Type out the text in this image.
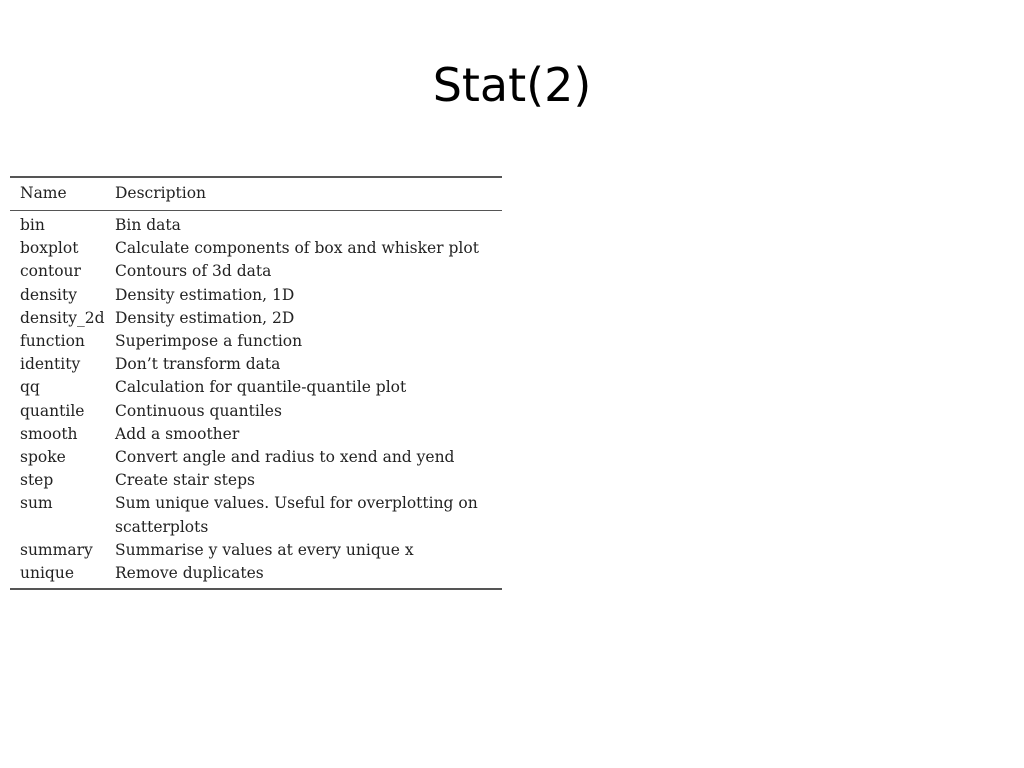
Stat(2)
Name	Description
bin	Bin data
boxplot	Calculate components of box and whisker plot
contour	Contours of 3d data
density	Density estimation, 1D
density_2d Density estimation, 2D
function	Superimpose a function
identity	Don’t transform data
qq	Calculation for quantile-quantile plot
quantile	Continuous quantiles
smooth	Add a smoother
spoke	Convert angle and radius to xend and yend
step	Create stair steps
sum	Sum unique values. Useful for overplotting on scatterplots
summary	Summarise y values at every unique x
unique	Remove duplicates
